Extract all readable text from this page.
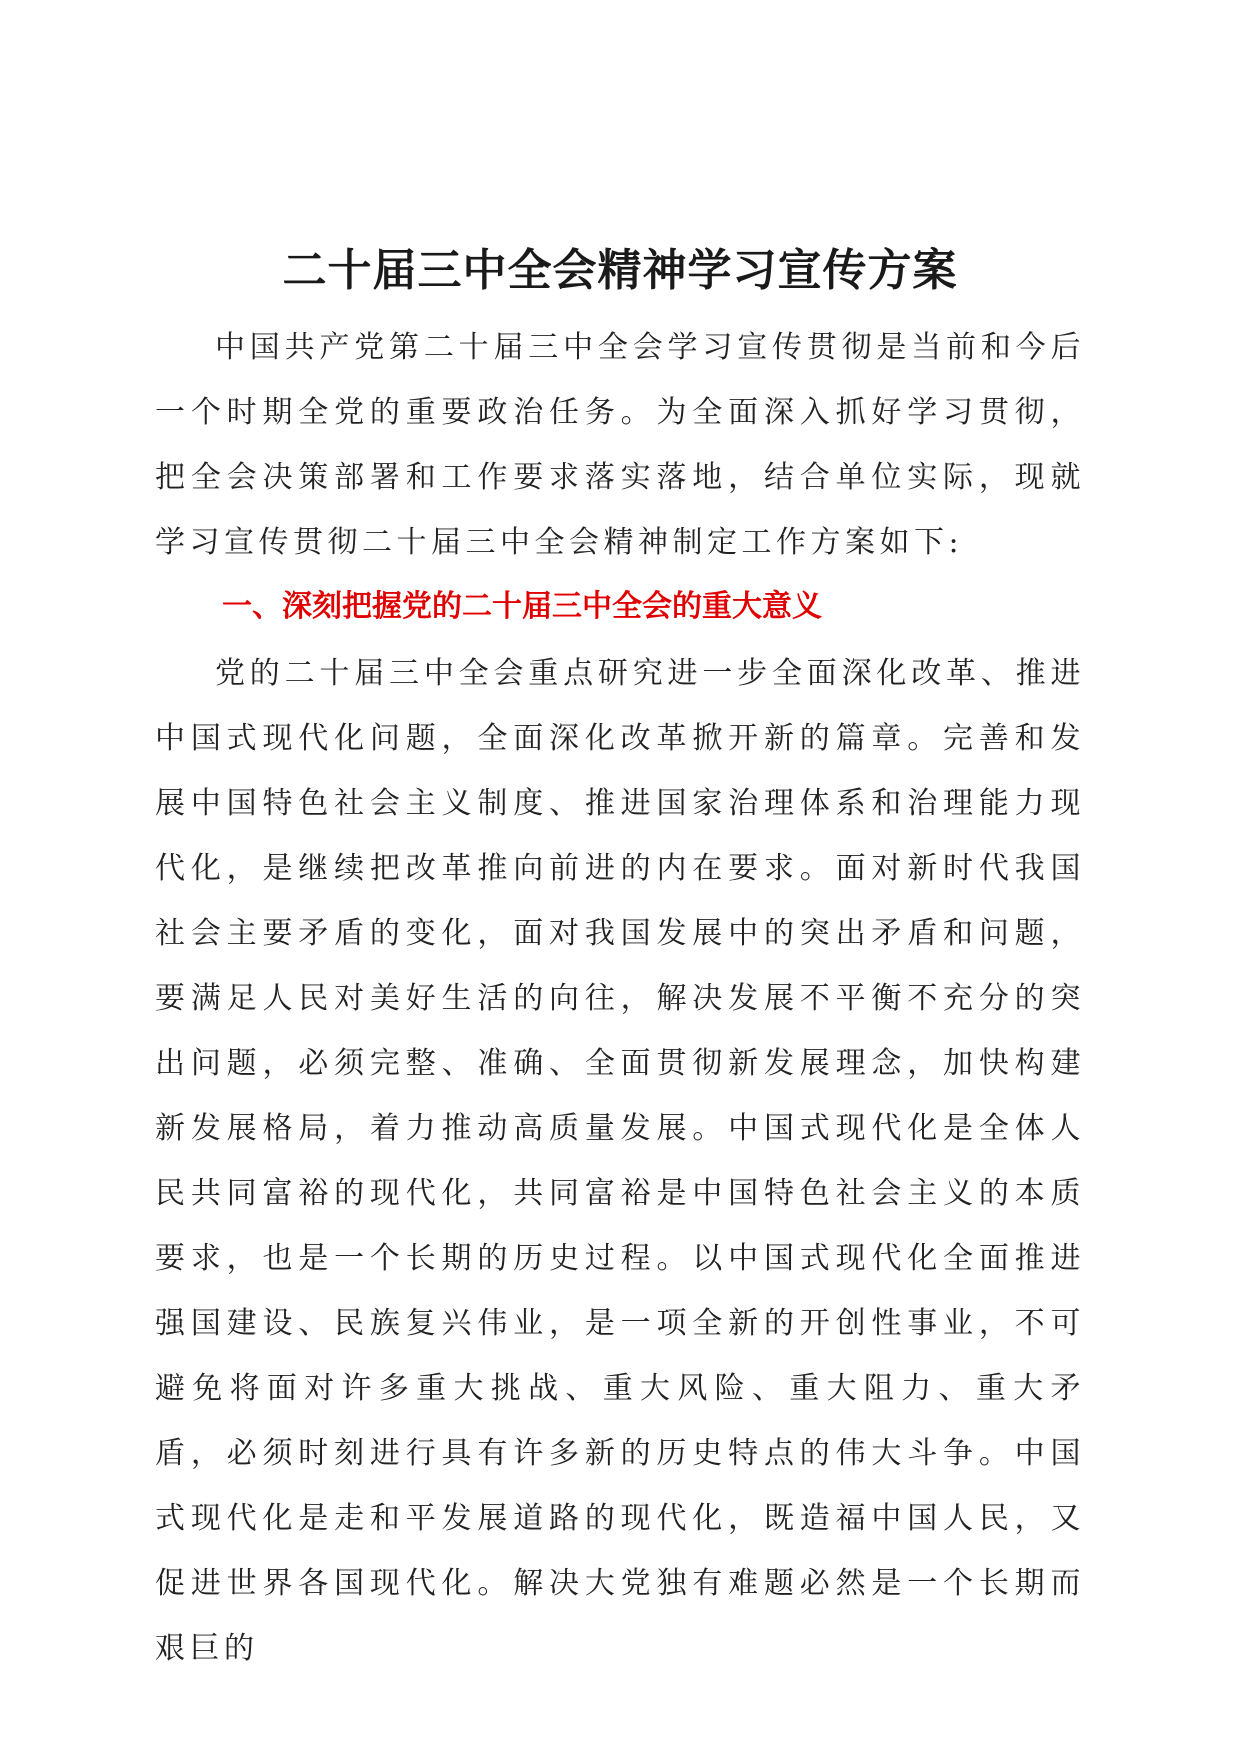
二十届三中全会精神学习宣传方案

中国共产党第二十届三中全会学习宣传贯彻是当前和今后一个时期全党的重要政治任务。为全面深入抓好学习贯彻，把全会决策部署和工作要求落实落地，结合单位实际，现就学习宣传贯彻二十届三中全会精神制定工作方案如下:

一、深刻把握党的二十届三中全会的重大意义

党的二十届三中全会重点研究进一步全面深化改革、推进中国式现代化问题，全面深化改革掀开新的篇章。完善和发展中国特色社会主义制度、推进国家治理体系和治理能力现代化，是继续把改革推向前进的内在要求。面对新时代我国社会主要矛盾的变化，面对我国发展中的突出矛盾和问题，要满足人民对美好生活的向往，解决发展不平衡不充分的突出问题，必须完整、准确、全面贯彻新发展理念，加快构建新发展格局，着力推动高质量发展。中国式现代化是全体人民共同富裕的现代化，共同富裕是中国特色社会主义的本质要求，也是一个长期的历史过程。以中国式现代化全面推进强国建设、民族复兴伟业，是一项全新的开创性事业，不可避免将面对许多重大挑战、重大风险、重大阻力、重大矛盾，必须时刻进行具有许多新的历史特点的伟大斗争。中国式现代化是走和平发展道路的现代化，既造福中国人民，又促进世界各国现代化。解决大党独有难题必然是一个长期而艰巨的
